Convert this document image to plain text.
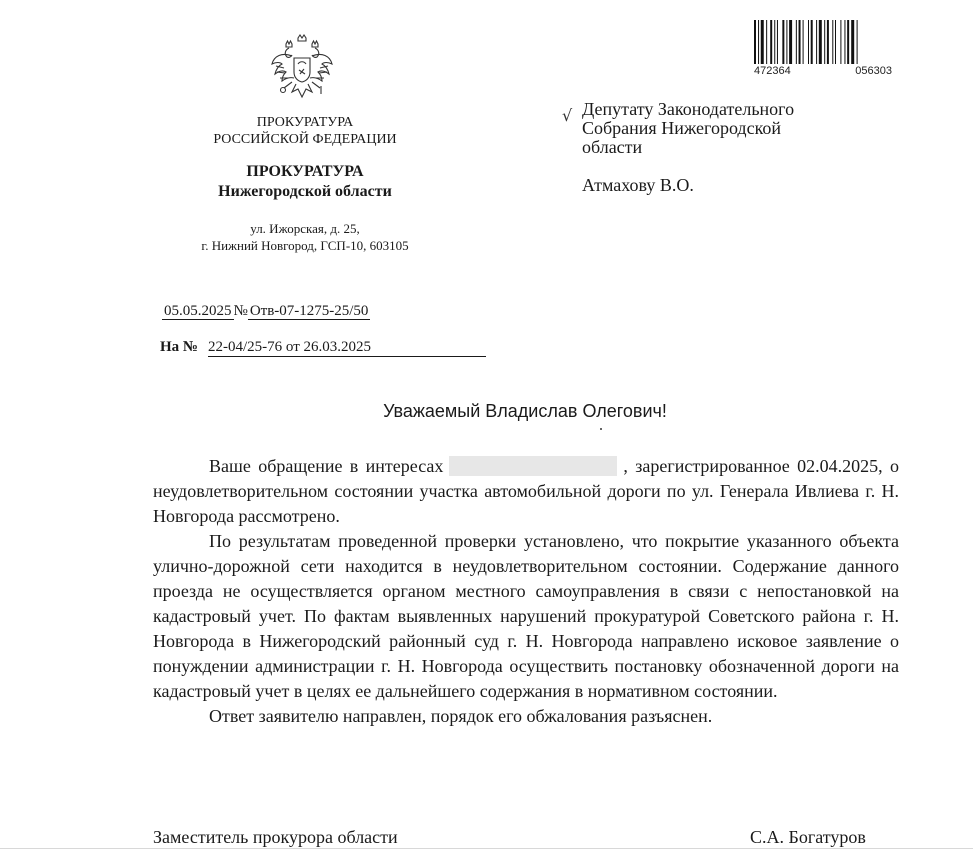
ПРОКУРАТУРА
РОССИЙСКОЙ ФЕДЕРАЦИИ
ПРОКУРАТУРА
Нижегородской области
ул. Ижорская, д. 25,
г. Нижний Новгород, ГСП-10, 603105
05.05.2025 № Отв-07-1275-25/50
На № 22-04/25-76 от 26.03.2025
472364	056303
√ Депутату Законодательного
Собрания Нижегородской
области
Атмахову В.О.
Уважаемый Владислав Олегович!

Ваше обращение в интересах	, зарегистрированное 02.04.2025, о неудовлетворительном состоянии участка автомобильной дороги по ул. Генерала Ивлиева г. Н. Новгорода рассмотрено.

По результатам проведенной проверки установлено, что покрытие указанного объекта улично-дорожной сети находится в неудовлетворительном состоянии. Содержание данного проезда не осуществляется органом местного самоуправления в связи с непостановкой на кадастровый учет. По фактам выявленных нарушений прокуратурой Советского района г. Н. Новгорода в Нижегородский районный суд г. Н. Новгорода направлено исковое заявление о понуждении администрации г. Н. Новгорода осуществить постановку обозначенной дороги на кадастровый учет в целях ее дальнейшего содержания в нормативном состоянии.

Ответ заявителю направлен, порядок его обжалования разъяснен.

Заместитель прокурора области	С.А. Богатуров
